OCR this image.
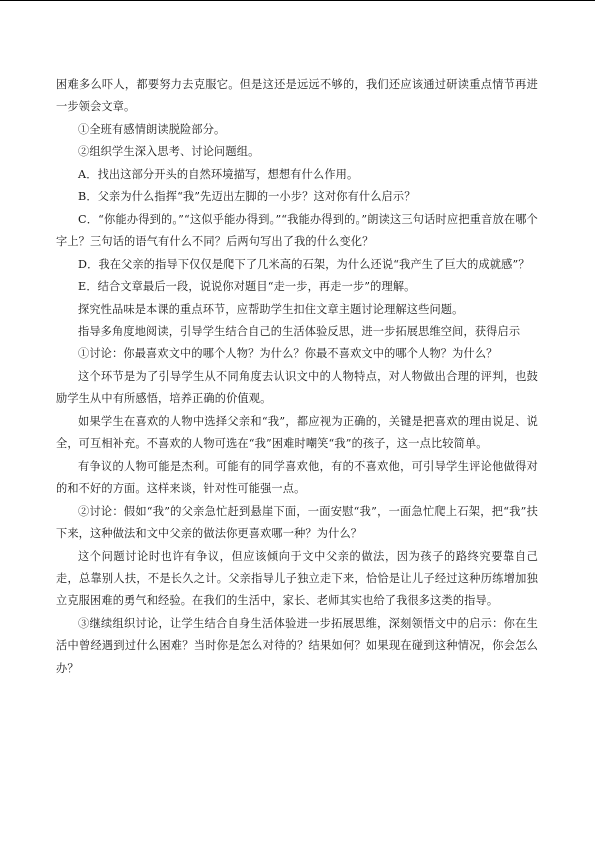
困难多么吓人，都要努力去克服它。但是这还是远远不够的，我们还应该通过研读重点情节再进一步领会文章。

①全班有感情朗读脱险部分。

②组织学生深入思考、讨论问题组。

A．找出这部分开头的自然环境描写，想想有什么作用。

B．父亲为什么指挥“我”先迈出左脚的一小步？这对你有什么启示？

C．“你能办得到的。”“这似乎能办得到。”“我能办得到的。”朗读这三句话时应把重音放在哪个字上？三句话的语气有什么不同？后两句写出了我的什么变化？

D．我在父亲的指导下仅仅是爬下了几米高的石架，为什么还说“我产生了巨大的成就感”？

E．结合文章最后一段，说说你对题目“走一步，再走一步”的理解。

探究性品味是本课的重点环节，应帮助学生扣住文章主题讨论理解这些问题。

指导多角度地阅读，引导学生结合自己的生活体验反思，进一步拓展思维空间，获得启示

①讨论：你最喜欢文中的哪个人物？为什么？你最不喜欢文中的哪个人物？为什么？

这个环节是为了引导学生从不同角度去认识文中的人物特点，对人物做出合理的评判，也鼓励学生从中有所感悟，培养正确的价值观。

如果学生在喜欢的人物中选择父亲和“我”，都应视为正确的，关键是把喜欢的理由说足、说全，可互相补充。不喜欢的人物可选在“我”困难时嘲笑“我”的孩子，这一点比较简单。

有争议的人物可能是杰利。可能有的同学喜欢他，有的不喜欢他，可引导学生评论他做得对的和不好的方面。这样来谈，针对性可能强一点。

②讨论：假如“我”的父亲急忙赶到悬崖下面，一面安慰“我”，一面急忙爬上石架，把“我”扶下来，这种做法和文中父亲的做法你更喜欢哪一种？为什么？

这个问题讨论时也许有争议，但应该倾向于文中父亲的做法，因为孩子的路终究要靠自己走，总靠别人扶，不是长久之计。父亲指导儿子独立走下来，恰恰是让儿子经过这种历练增加独立克服困难的勇气和经验。在我们的生活中，家长、老师其实也给了我很多这类的指导。

③继续组织讨论，让学生结合自身生活体验进一步拓展思维，深刻领悟文中的启示：你在生活中曾经遇到过什么困难？当时你是怎么对待的？结果如何？如果现在碰到这种情况，你会怎么办？
